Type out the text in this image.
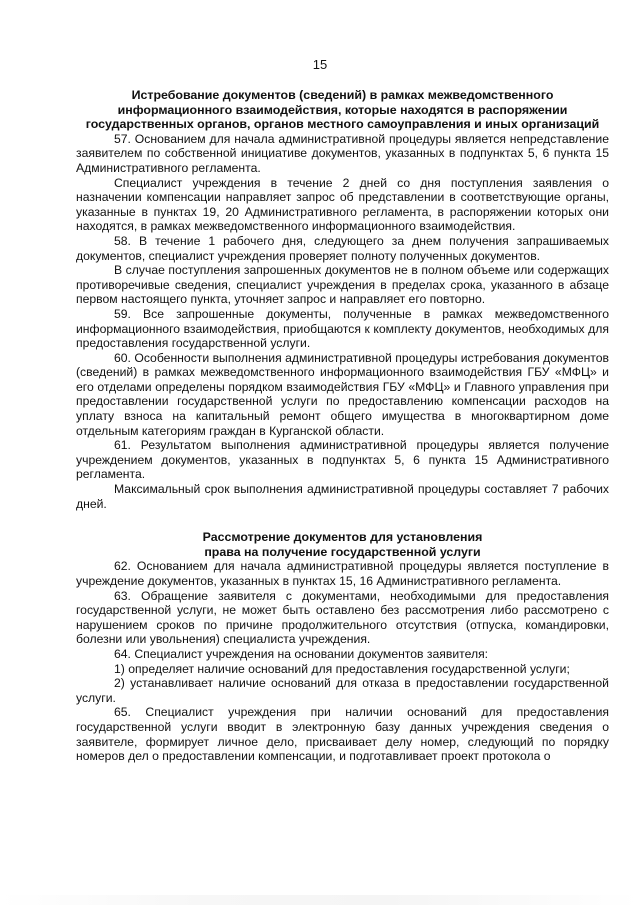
15

Истребование документов (сведений) в рамках межведомственного информационного взаимодействия, которые находятся в распоряжении государственных органов, органов местного самоуправления и иных организаций

57. Основанием для начала административной процедуры является непредставление заявителем по собственной инициативе документов, указанных в подпунктах 5, 6 пункта 15 Административного регламента.

Специалист учреждения в течение 2 дней со дня поступления заявления о назначении компенсации направляет запрос об представлении в соответствующие органы, указанные в пунктах 19, 20 Административного регламента, в распоряжении которых они находятся, в рамках межведомственного информационного взаимодействия.

58. В течение 1 рабочего дня, следующего за днем получения запрашиваемых документов, специалист учреждения проверяет полноту полученных документов.

В случае поступления запрошенных документов не в полном объеме или содержащих противоречивые сведения, специалист учреждения в пределах срока, указанного в абзаце первом настоящего пункта, уточняет запрос и направляет его повторно.

59. Все запрошенные документы, полученные в рамках межведомственного информационного взаимодействия, приобщаются к комплекту документов, необходимых для предоставления государственной услуги.

60. Особенности выполнения административной процедуры истребования документов (сведений) в рамках межведомственного информационного взаимодействия ГБУ «МФЦ» и его отделами определены порядком взаимодействия ГБУ «МФЦ» и Главного управления при предоставлении государственной услуги по предоставлению компенсации расходов на уплату взноса на капитальный ремонт общего имущества в многоквартирном доме отдельным категориям граждан в Курганской области.

61. Результатом выполнения административной процедуры является получение учреждением документов, указанных в подпунктах 5, 6 пункта 15 Административного регламента.

Максимальный срок выполнения административной процедуры составляет 7 рабочих дней.

Рассмотрение документов для установления

права на получение государственной услуги

62. Основанием для начала административной процедуры является поступление в учреждение документов, указанных в пунктах 15, 16 Административного регламента.

63. Обращение заявителя с документами, необходимыми для предоставления государственной услуги, не может быть оставлено без рассмотрения либо рассмотрено с нарушением сроков по причине продолжительного отсутствия (отпуска, командировки, болезни или увольнения) специалиста учреждения.

64. Специалист учреждения на основании документов заявителя:

1) определяет наличие оснований для предоставления государственной услуги;

2) устанавливает наличие оснований для отказа в предоставлении государственной услуги.

65. Специалист учреждения при наличии оснований для предоставления государственной услуги вводит в электронную базу данных учреждения сведения о заявителе, формирует личное дело, присваивает делу номер, следующий по порядку номеров дел о предоставлении компенсации, и подготавливает проект протокола о
